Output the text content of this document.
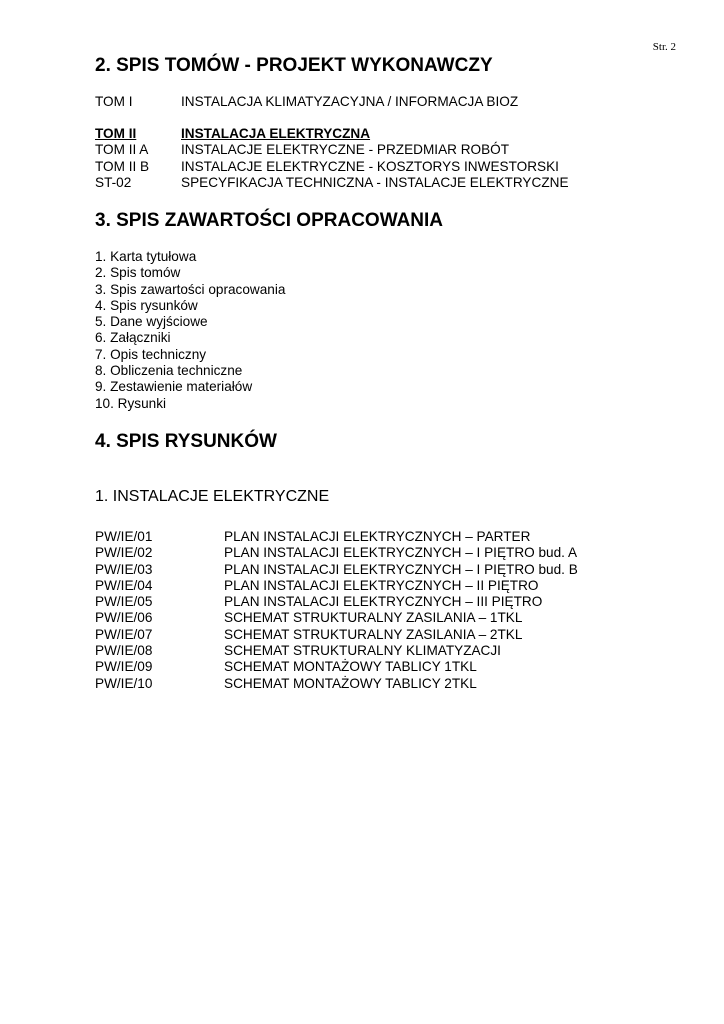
Str. 2
2. SPIS TOMÓW - PROJEKT WYKONAWCZY
TOM I	INSTALACJA KLIMATYZACYJNA / INFORMACJA BIOZ
TOM II	INSTALACJA ELEKTRYCZNA
TOM II A	INSTALACJE ELEKTRYCZNE - PRZEDMIAR ROBÓT
TOM II B	INSTALACJE ELEKTRYCZNE - KOSZTORYS INWESTORSKI
ST-02	SPECYFIKACJA TECHNICZNA - INSTALACJE ELEKTRYCZNE
3. SPIS ZAWARTOŚCI OPRACOWANIA
1. Karta tytułowa
2. Spis tomów
3. Spis zawartości opracowania
4. Spis rysunków
5. Dane wyjściowe
6. Załączniki
7. Opis techniczny
8. Obliczenia techniczne
9. Zestawienie materiałów
10. Rysunki
4. SPIS RYSUNKÓW
1. INSTALACJE ELEKTRYCZNE
PW/IE/01	PLAN INSTALACJI ELEKTRYCZNYCH – PARTER
PW/IE/02	PLAN INSTALACJI ELEKTRYCZNYCH – I PIĘTRO bud. A
PW/IE/03	PLAN INSTALACJI ELEKTRYCZNYCH – I PIĘTRO bud. B
PW/IE/04	PLAN INSTALACJI ELEKTRYCZNYCH – II PIĘTRO
PW/IE/05	PLAN INSTALACJI ELEKTRYCZNYCH – III PIĘTRO
PW/IE/06	SCHEMAT STRUKTURALNY ZASILANIA – 1TKL
PW/IE/07	SCHEMAT STRUKTURALNY ZASILANIA – 2TKL
PW/IE/08	SCHEMAT STRUKTURALNY KLIMATYZACJI
PW/IE/09	SCHEMAT MONTAŻOWY TABLICY 1TKL
PW/IE/10	SCHEMAT MONTAŻOWY TABLICY 2TKL
